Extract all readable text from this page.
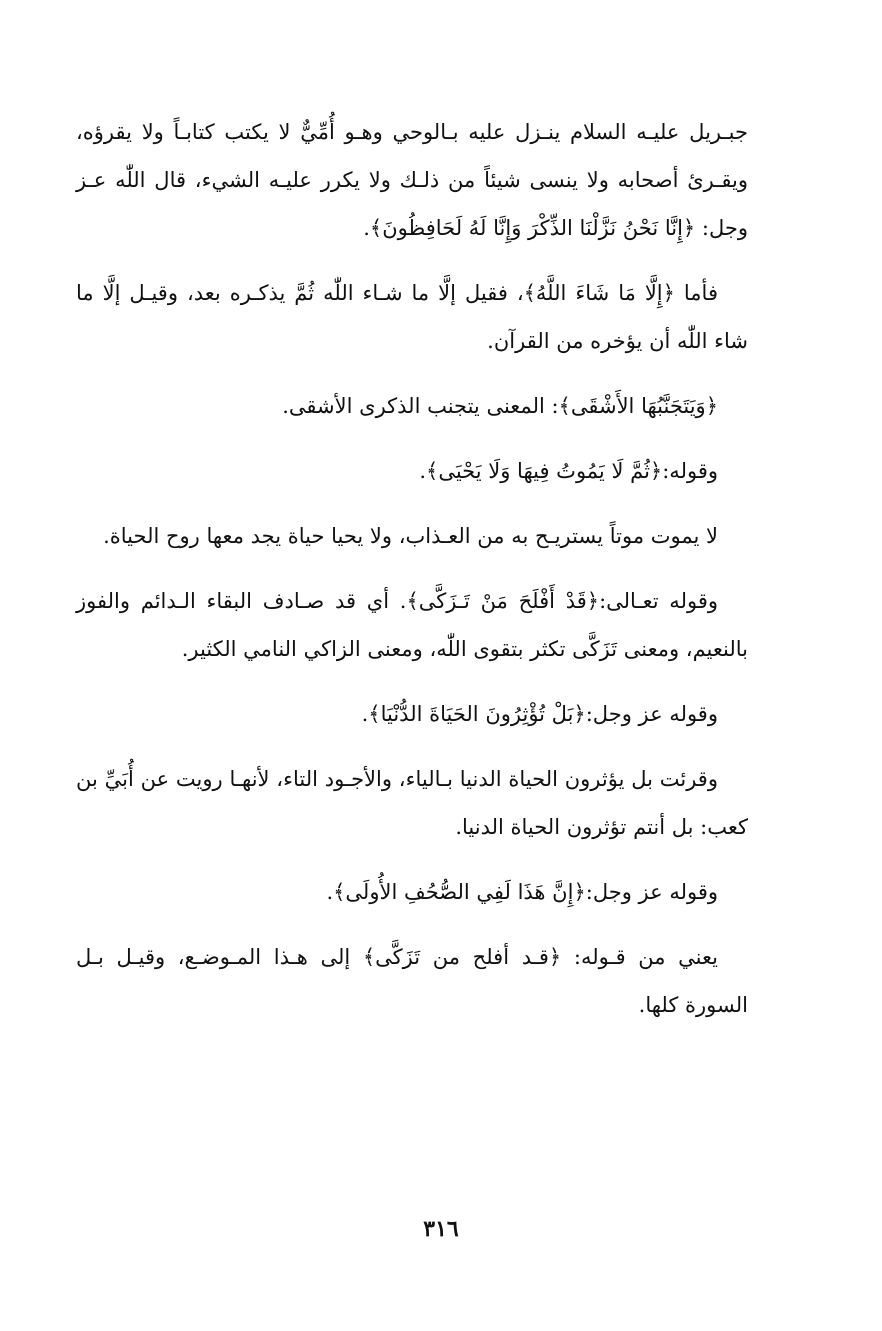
جبـريل عليـه السلام ينـزل عليه بـالوحي وهـو أُمِّيٌّ لا يكتب كتابـاً ولا يقرؤه، ويقـرئ أصحابه ولا ينسى شيئاً من ذلـك ولا يكرر عليـه الشيء، قال اللّٰه عـز وجل: ﴿إِنَّا نَحْنُ نَزَّلْنَا الذِّكْرَ وَإِنَّا لَهُ لَحَافِظُونَ﴾.

فأما ﴿إِلَّا مَا شَاءَ اللَّهُ﴾، فقيل إلَّا ما شـاء اللّٰه ثُمَّ يذكـره بعد، وقيـل إلَّا ما شاء اللّٰه أن يؤخره من القرآن.

﴿وَيَتَجَنَّبُهَا الأَشْقَى﴾: المعنى يتجنب الذكرى الأشقى.

وقوله:﴿ثُمَّ لَا يَمُوتُ فِيهَا وَلَا يَحْيَى﴾.

لا يموت موتاً يستريـح به من العـذاب، ولا يحيا حياة يجد معها روح الحياة.

وقوله تعـالى:﴿قَدْ أَفْلَحَ مَنْ تَـزَكَّى﴾. أي قد صـادف البقاء الـدائم والفوز بالنعيم، ومعنى تَزَكَّى تكثر بتقوى اللّٰه، ومعنى الزاكي النامي الكثير.

وقوله عز وجل:﴿بَلْ تُؤْثِرُونَ الحَيَاةَ الدُّنْيَا﴾.

وقرئت بل يؤثرون الحياة الدنيا بـالياء، والأجـود التاء، لأنهـا رويت عن أُبَيِّ بن كعب: بل أنتم تؤثرون الحياة الدنيا.

وقوله عز وجل:﴿إِنَّ هَذَا لَفِي الصُّحُفِ الأُولَى﴾.

يعني من قـوله: ﴿قـد أفلح من تَزَكَّى﴾ إلى هـذا المـوضـع، وقيـل بـل السورة كلها.

٣١٦
